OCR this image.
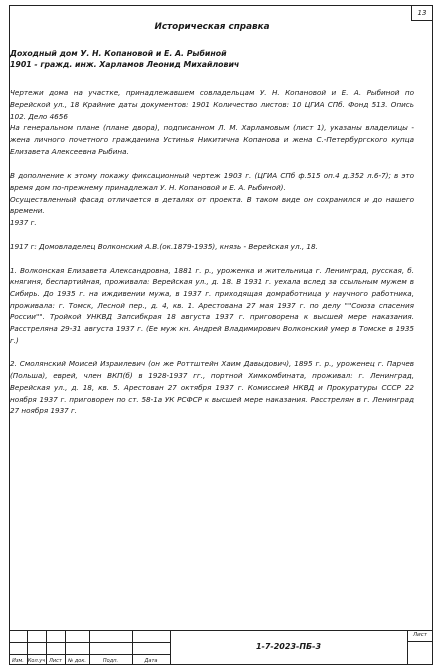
13
Историческая справка
Доходный дом У. Н. Копановой и Е. А. Рыбиной
1901 - гражд. инж. Харламов Леонид Михайлович

Чертежи дома на участке, принадлежавшем совладельцам У. Н. Копановой и Е. А. Рыбиной по Верейской ул., 18 Крайние даты документов: 1901 Количество листов: 10 ЦГИА СПб. Фонд 513. Опись 102. Дело 4656

На генеральном плане (плане двора), подписанном Л. М. Харламовым (лист 1), указаны владелицы - жена личного почетного гражданина Устинья Никитична Копанова и жена С.-Петербургского купца Елизавета Алексеевна Рыбина.

В дополнение к этому покажу фиксационный чертеж 1903 г. (ЦГИА СПб ф.515 оп.4 д.352 л.6-7); в это время дом по-прежнему принадлежал У. Н. Копановой и Е. А. Рыбиной).

Осуществленный фасад отличается в деталях от проекта. В таком виде он сохранился и до нашего времени.

1937 г.

1917 г: Домовладелец Волконский А.В.(ок.1879-1935), князь - Верейская ул., 18.

1. Волконская Елизавета Александровна, 1881 г. р., уроженка и жительница г. Ленинград, русская, б. княгиня, беспартийная, проживала: Верейская ул., д. 18. В 1931 г. уехала вслед за ссыльным мужем в Сибирь. До 1935 г. на иждивении мужа, в 1937 г. приходящая домработница у научного работника, проживала: г. Томск, Лесной пер., д. 4, кв. 1. Арестована 27 мая 1937 г. по делу ""Союза спасения России"". Тройкой УНКВД Запсибкрая 18 августа 1937 г. приговорена к высшей мере наказания. Расстреляна 29-31 августа 1937 г. (Ее муж кн. Андрей Владимирович Волконский умер в Томске в 1935 г.)

2. Смолянский Моисей Израилевич (он же Роттштейн Хаим Давыдович), 1895 г. р., уроженец г. Парчев (Польша), еврей, член ВКП(б) в 1928-1937 гг., портной Химкомбината, проживал: г. Ленинград, Верейская ул., д. 18, кв. 5. Арестован 27 октября 1937 г. Комиссией НКВД и Прокуратуры СССР 22 ноября 1937 г. приговорен по ст. 58-1а УК РСФСР к высшей мере наказания. Расстрелян в г. Ленинград 27 ноября 1937 г.

Изм. Кол.уч Лист	№ док.	Подп.	Дата
1-7-2023-ПБ-3
Лист
